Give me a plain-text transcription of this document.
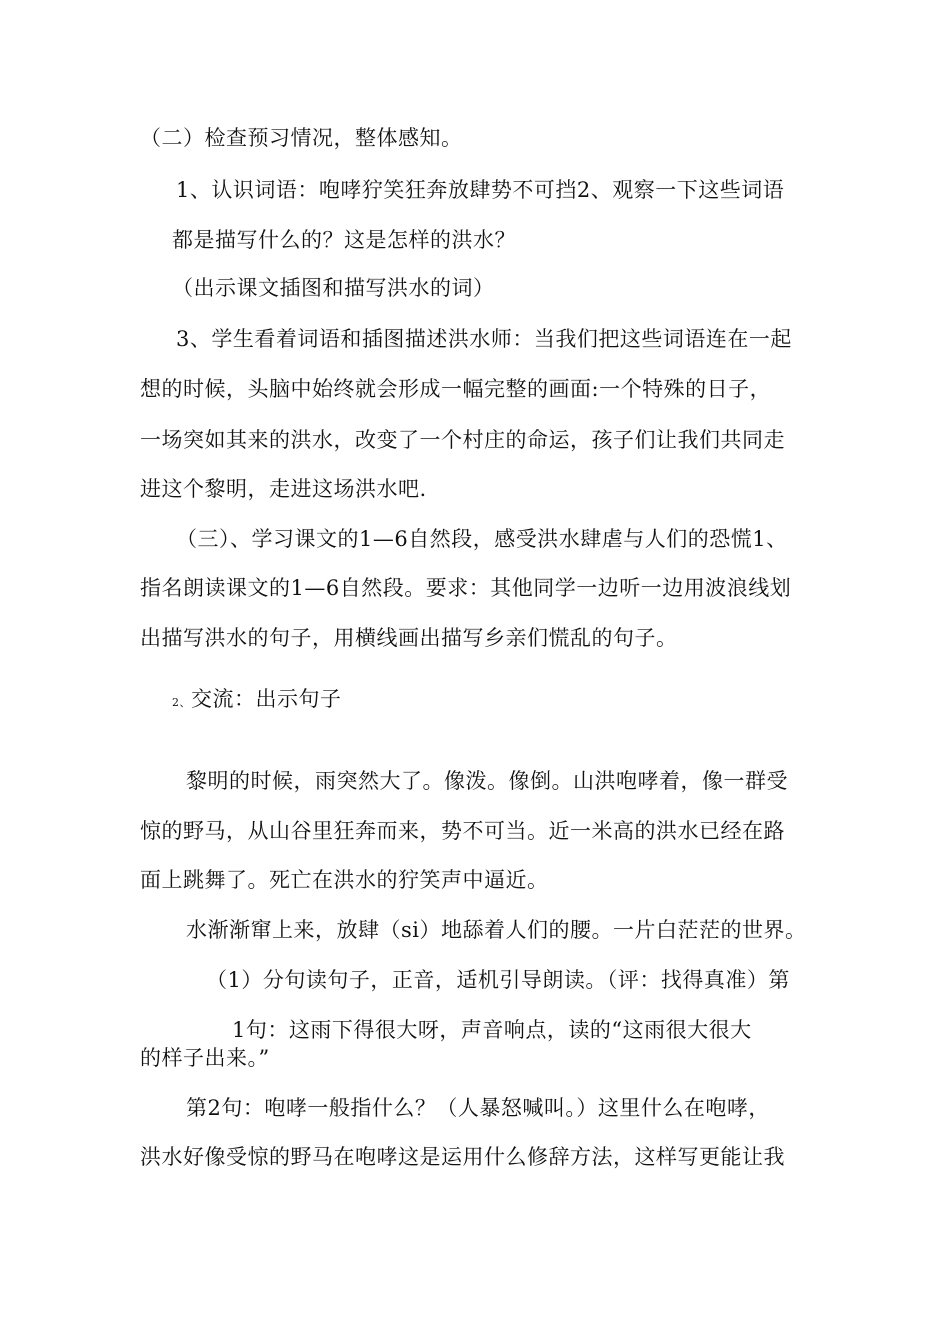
（二）检查预习情况，整体感知。
1、认识词语：咆哮狞笑狂奔放肆势不可挡2、观察一下这些词语
都是描写什么的？这是怎样的洪水？
（出示课文插图和描写洪水的词）
3、学生看着词语和插图描述洪水师：当我们把这些词语连在一起
想的时候，头脑中始终就会形成一幅完整的画面:一个特殊的日子，
一场突如其来的洪水，改变了一个村庄的命运，孩子们让我们共同走
进这个黎明，走进这场洪水吧.
（三）、学习课文的1—6自然段，感受洪水肆虐与人们的恐慌1、
指名朗读课文的1—6自然段。要求：其他同学一边听一边用波浪线划
出描写洪水的句子，用横线画出描写乡亲们慌乱的句子。
2、交流：出示句子
黎明的时候，雨突然大了。像泼。像倒。山洪咆哮着，像一群受
惊的野马，从山谷里狂奔而来，势不可当。近一米高的洪水已经在路
面上跳舞了。死亡在洪水的狞笑声中逼近。
水渐渐窜上来，放肆（si）地舔着人们的腰。一片白茫茫的世界。
（1）分句读句子，正音，适机引导朗读。（评：找得真准）第
1句：这雨下得很大呀，声音响点，读的“这雨很大很大
的样子出来。”
第2句：咆哮一般指什么？（人暴怒喊叫。）这里什么在咆哮，
洪水好像受惊的野马在咆哮这是运用什么修辞方法，这样写更能让我
